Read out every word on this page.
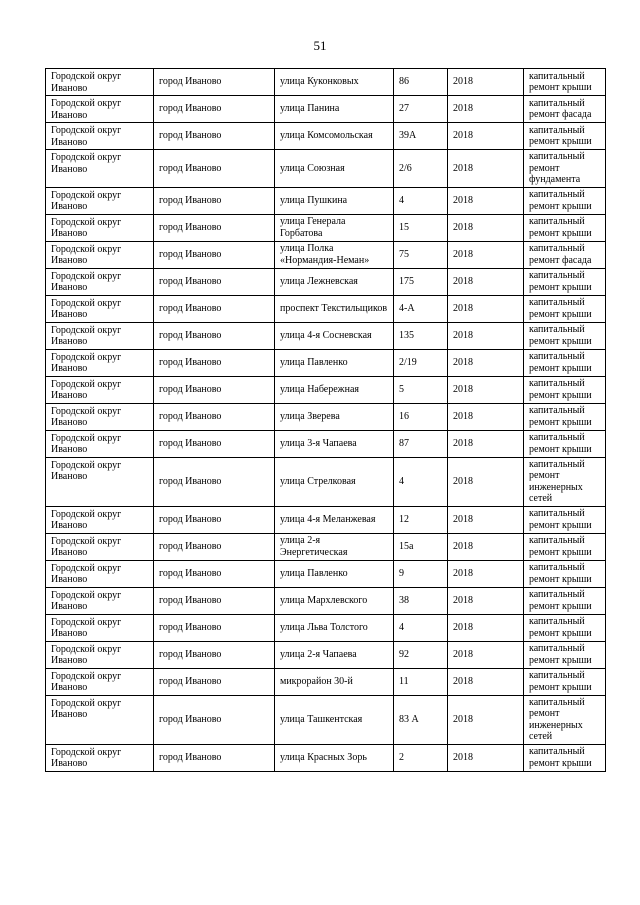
51
Городской округ Иваново	город Иваново	улица Куконковых	86	2018	капитальный ремонт крыши
Городской округ Иваново	город Иваново	улица Панина	27	2018	капитальный ремонт фасада
Городской округ Иваново	город Иваново	улица Комсомольская	39А	2018	капитальный ремонт крыши
Городской округ Иваново	город Иваново	улица Союзная	2/6	2018	капитальный ремонт фундамента
Городской округ Иваново	город Иваново	улица Пушкина	4	2018	капитальный ремонт крыши
Городской округ Иваново	город Иваново	улица Генерала Горбатова	15	2018	капитальный ремонт крыши
Городской округ Иваново	город Иваново	улица Полка «Нормандия-Неман»	75	2018	капитальный ремонт фасада
Городской округ Иваново	город Иваново	улица Лежневская	175	2018	капитальный ремонт крыши
Городской округ Иваново	город Иваново	проспект Текстильщиков	4-А	2018	капитальный ремонт крыши
Городской округ Иваново	город Иваново	улица 4-я Сосневская	135	2018	капитальный ремонт крыши
Городской округ Иваново	город Иваново	улица Павленко	2/19	2018	капитальный ремонт крыши
Городской округ Иваново	город Иваново	улица Набережная	5	2018	капитальный ремонт крыши
Городской округ Иваново	город Иваново	улица Зверева	16	2018	капитальный ремонт крыши
Городской округ Иваново	город Иваново	улица 3-я Чапаева	87	2018	капитальный ремонт крыши
Городской округ Иваново	город Иваново	улица Стрелковая	4	2018	капитальный ремонт инженерных сетей
Городской округ Иваново	город Иваново	улица 4-я Меланжевая	12	2018	капитальный ремонт крыши
Городской округ Иваново	город Иваново	улица 2-я Энергетическая	15а	2018	капитальный ремонт крыши
Городской округ Иваново	город Иваново	улица Павленко	9	2018	капитальный ремонт крыши
Городской округ Иваново	город Иваново	улица Мархлевского	38	2018	капитальный ремонт крыши
Городской округ Иваново	город Иваново	улица Льва Толстого	4	2018	капитальный ремонт крыши
Городской округ Иваново	город Иваново	улица 2-я Чапаева	92	2018	капитальный ремонт крыши
Городской округ Иваново	город Иваново	микрорайон 30-й	11	2018	капитальный ремонт крыши
Городской округ Иваново	город Иваново	улица Ташкентская	83 А	2018	капитальный ремонт инженерных сетей
Городской округ Иваново	город Иваново	улица Красных Зорь	2	2018	капитальный ремонт крыши
